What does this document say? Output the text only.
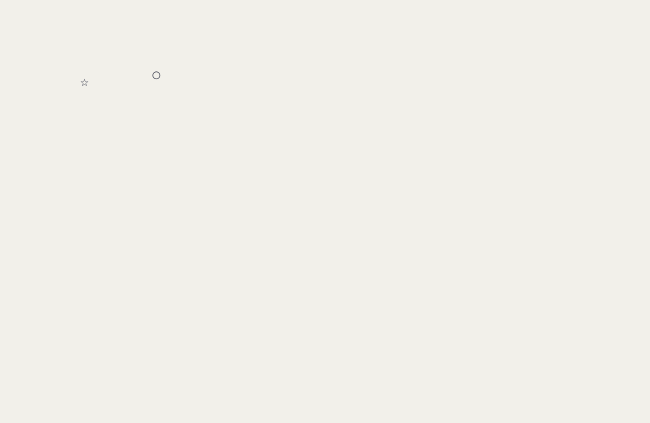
☆
○
